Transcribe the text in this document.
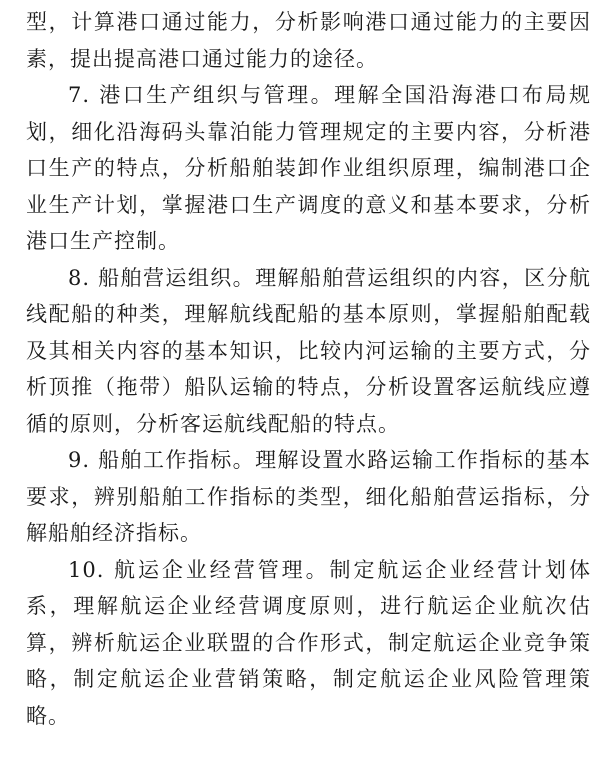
型，计算港口通过能力，分析影响港口通过能力的主要因素，提出提高港口通过能力的途径。

7. 港口生产组织与管理。理解全国沿海港口布局规划，细化沿海码头靠泊能力管理规定的主要内容，分析港口生产的特点，分析船舶装卸作业组织原理，编制港口企业生产计划，掌握港口生产调度的意义和基本要求，分析港口生产控制。

8. 船舶营运组织。理解船舶营运组织的内容，区分航线配船的种类，理解航线配船的基本原则，掌握船舶配载及其相关内容的基本知识，比较内河运输的主要方式，分析顶推（拖带）船队运输的特点，分析设置客运航线应遵循的原则，分析客运航线配船的特点。

9. 船舶工作指标。理解设置水路运输工作指标的基本要求，辨别船舶工作指标的类型，细化船舶营运指标，分解船舶经济指标。

10. 航运企业经营管理。制定航运企业经营计划体系，理解航运企业经营调度原则，进行航运企业航次估算，辨析航运企业联盟的合作形式，制定航运企业竞争策略，制定航运企业营销策略，制定航运企业风险管理策略。
